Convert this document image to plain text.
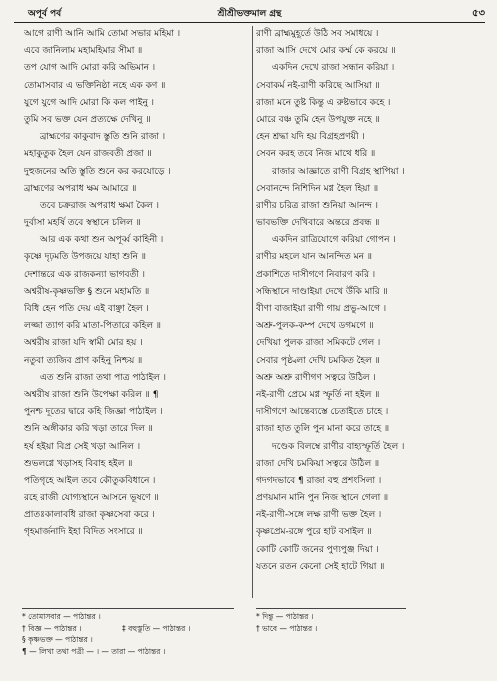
অপূর্ব পর্ব	শ্রীশ্রীভক্তমাল গ্রন্থ	৫৩
আগে রাণী আনি আমি তোমা সভার মহিমা ।
এবে জানিলাম মহামহিমার সীমা ॥
তপ যোগ আদি মোরা করি অভিমান ।
তোমাসবার এ ভক্তিনিষ্ঠা নহে এক কণ ॥
যুগে যুগে আদি মোরা কি কল পাইনু ।
তুমি সব ভক্ত যেন প্রত্যক্ষে দেখিনু ॥
ব্রাহ্মণের কাকুবাদ স্তুতি শুনি রাজা ।
মহাকুতুক হৈল যেন রাজবতী প্রজা ॥
দুহুজনের অতি স্তুতি শুনে কর করযোড়ে ।
ব্রাহ্মণের অপরাধ ক্ষম আমারে ॥
তবে চক্ররাজ অপরাধ ক্ষমা কৈল ।
দুর্বাসা মহর্ষি তবে স্বস্থানে চলিল ॥
আর এক কথা শুন অপূর্ব্ব কাহিনী ।
কৃষ্ণে দৃঢ়মতি উপজয়ে যাহা শুনি ॥
দেশান্তরে এক রাজকন্যা ভাগবতী ।
অশ্বরীষ-কৃষ্ণভক্তি § শুনে মহামতি ॥
বিধি হেন পতি দেয় এই বাঞ্ছা হৈল ।
লজ্জা ত্যাগ করি মাতা-পিতারে কহিল ॥
অশ্বরীষ রাজা যদি স্বামী মোর হয় ।
নতুবা ত্যজিব প্রাণ কহিনু নিশ্চয় ॥
এত শুনি রাজা তথা পাত্র পাঠাইল ।
অশ্বরীষ রাজা শুনি উপেক্ষা করিল ॥ ¶
পুনশ্চ দূতের দ্বারে কহি জিজ্ঞা পাঠাইল ।
শুনি অঙ্গীকার করি খড়া তারে দিল ॥
হর্ষ হইয়া বিপ্র সেই খড়া আনিল ।
শুভলগ্নে খড়াসহ বিবাহ হইল ॥
পতিগৃহে আইল তবে কৌতুকবিধানে ।
রহে রাজী যোগ্যস্থানে আসনে ভূষণে ॥
প্রাতঃকালাবধি রাজা কৃষ্ণসেবা করে ।
গৃহমার্জনাদি ইহা বিদিত সংসারে ॥
রাণী ব্রাহ্মমুহূর্তে উঠি সব সমাধয়ে ।
রাজা আসি দেখে মোর কর্ম্ম কে করয়ে ॥
একদিন দেখে রাজা সন্ধান করিয়া ।
সেবাকর্ম নই-রাণী করিছে আসিয়া ॥
রাজা মনে তুষ্ট কিন্তু এ রুষ্টভাবে কহে ।
মোরে বঞ্চ তুমি হেন উপযুক্ত নহে ॥
হেন শ্রদ্ধা যদি হয় বিগ্রহপ্রণয়ী ।
সেবন করহ তবে নিজ মাথে ধরি ॥
রাজার আজ্ঞাতে রাণী বিগ্রহ স্থাপিয়া ।
সেবানন্দে নিশিদিন মগ্ন হৈল হিয়া ॥
রাণীর চরিত্র রাজা শুনিয়া আনন্দ ।
ভাবভক্তি দেখিবারে অন্তরে প্রবন্ধ ॥
একদিন রাত্রিযোগে করিয়া গোপন ।
রাণীর মহলে যান আনন্দিত মন ॥
প্রকাশিতে দাসীগণে নিবারণ করি ।
সন্ধিস্থানে দাণ্ডাইয়া দেখে উঁকি মারি ॥
বীণা বাজাইয়া রাণী গায় প্রভু-আগে ।
অশ্রু-পুলক-কম্প দেখে ডগমগে ॥
দেখিয়া পুলক রাজা সমিকটে গেল ।
সেবার পৃষ্ঠ্বলা দেখি চমকিত হৈল ॥
অশ্রু অশ্রু রাণীগণ সত্বরে উঠিল ।
নই-রাণী প্রেমে মগ্ন স্ফূর্তি না হইল ॥
দাসীগণে আন্তেব্যস্তে চেতাইতে চাহে ।
রাজা হাত তুলি পুন মানা করে তাহে ॥
দণ্ডেক বিলম্বে রাণীর বাহ্যস্ফূর্তি হৈল ।
রাজা দেখি চমকিয়া সত্বরে উঠিল ॥
গদগদভাবে ¶ রাজা বহু প্রশংসিলা ।
প্রণয়মান মানি পুন নিজ স্থানে গেলা ॥
নই-রাণী-সঙ্গে লক্ষ রাণী ভক্ত হৈল ।
কৃষ্ণপ্রেম-রঙ্গে পুরে হাট বসাইল ॥
কোটি কোটি জনের পুণ্যপুঞ্জ দিয়া ।
যতনে রতন কেনো সেই হাটে গিয়া ॥
* তোমাসবার — পাঠান্তর ।
† বিজ্ঞ — পাঠান্তর ।	‡ বহুস্তুতি — পাঠান্তর ।
§ কৃষ্ণভক্ত — পাঠান্তর ।
¶ — লিখা তথা পত্রী — । — তারা — পাঠান্তর ।
* দিন্তু — পাঠান্তর ।
† ভাবে — পাঠান্তর ।
